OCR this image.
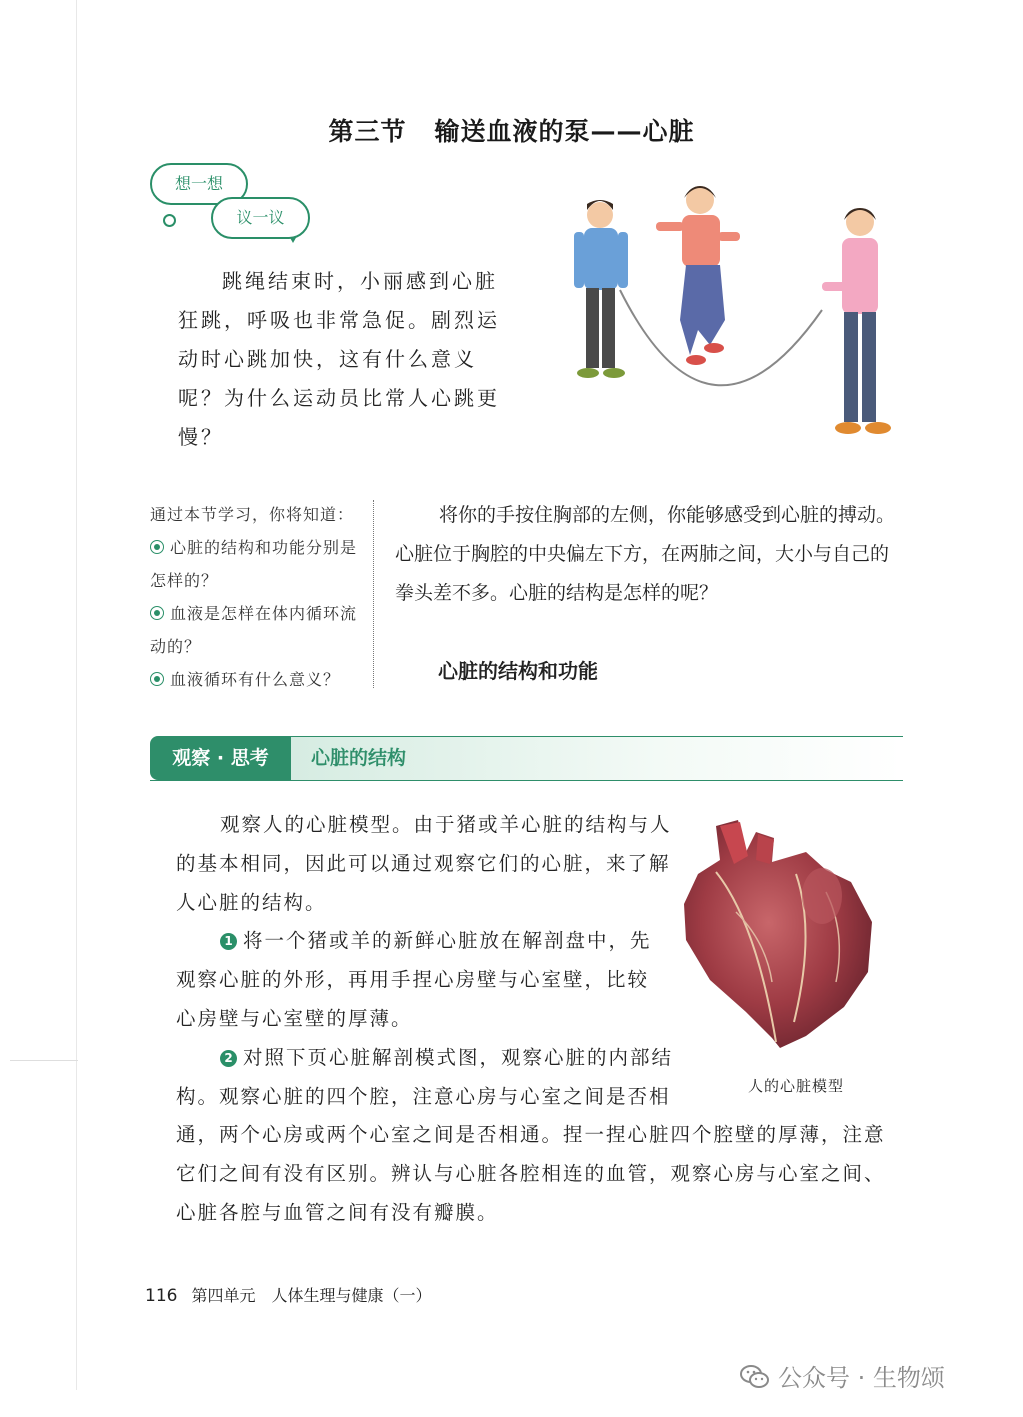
第三节 输送血液的泵——心脏
想一想
议一议
跳绳结束时，小丽感到心脏狂跳，呼吸也非常急促。剧烈运动时心跳加快，这有什么意义呢？为什么运动员比常人心跳更慢？
通过本节学习，你将知道：
心脏的结构和功能分别是怎样的？
血液是怎样在体内循环流动的？
血液循环有什么意义？
将你的手按住胸部的左侧，你能够感受到心脏的搏动。心脏位于胸腔的中央偏左下方，在两肺之间，大小与自己的拳头差不多。心脏的结构是怎样的呢？
心脏的结构和功能
心脏的结构
观察 · 思考
观察人的心脏模型。由于猪或羊心脏的结构与人的基本相同，因此可以通过观察它们的心脏，来了解人心脏的结构。
1 将一个猪或羊的新鲜心脏放在解剖盘中，先观察心脏的外形，再用手捏心房壁与心室壁，比较心房壁与心室壁的厚薄。
2 对照下页心脏解剖模式图，观察心脏的内部结构。观察心脏的四个腔，注意心房与心室之间是否相
通，两个心房或两个心室之间是否相通。捏一捏心脏四个腔壁的厚薄，注意它们之间有没有区别。辨认与心脏各腔相连的血管，观察心房与心室之间、心脏各腔与血管之间有没有瓣膜。
人的心脏模型
116 第四单元　人体生理与健康（一）
公众号 · 生物颂
